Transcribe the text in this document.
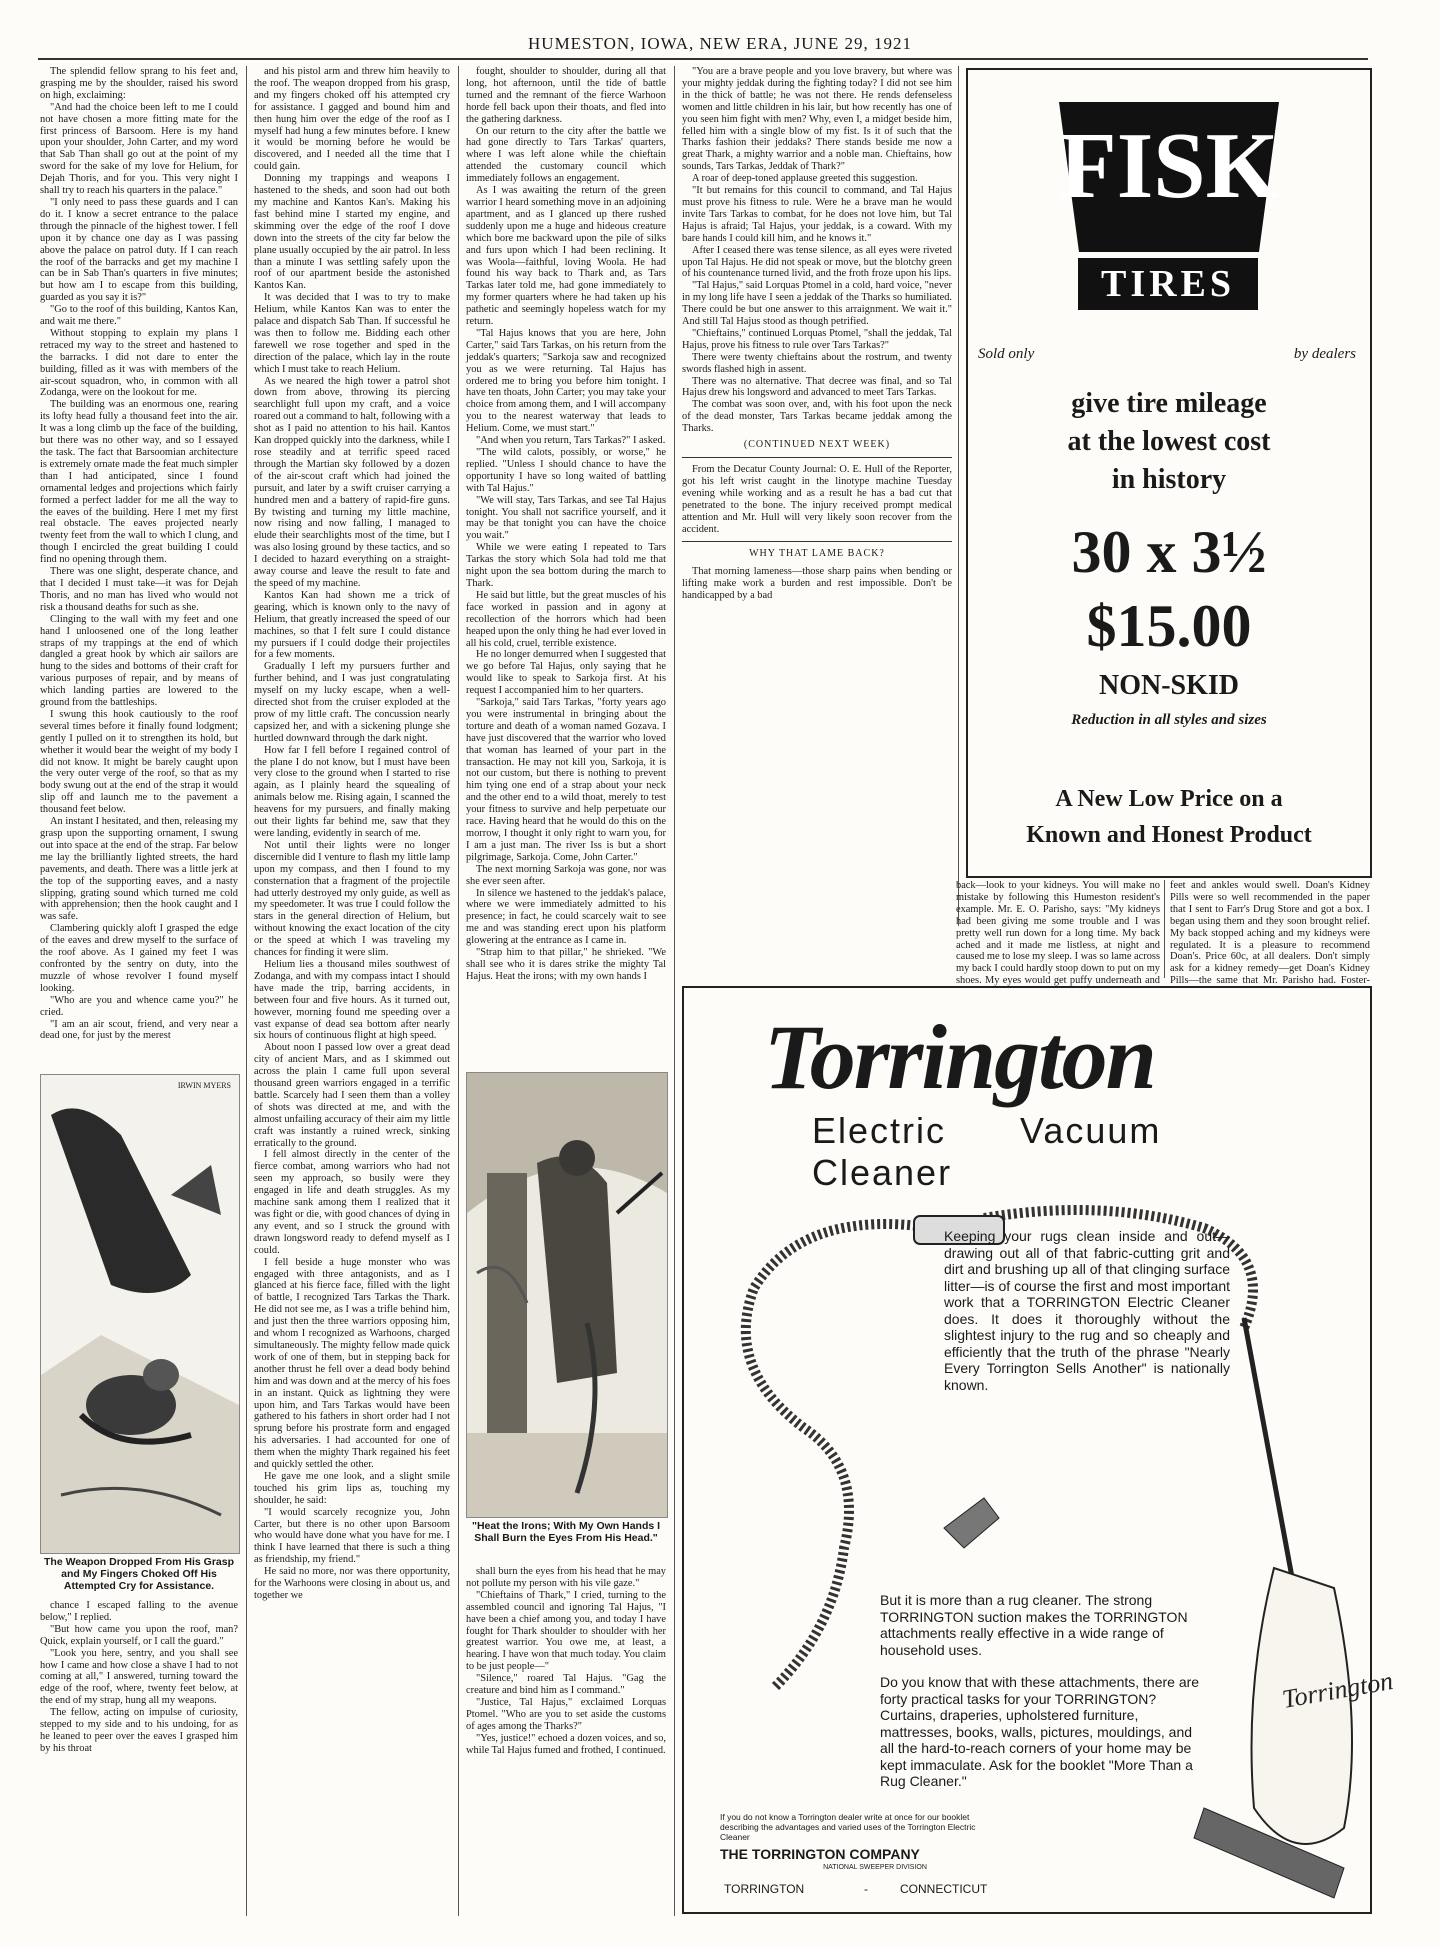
HUMESTON, IOWA, NEW ERA, JUNE 29, 1921

The splendid fellow sprang to his feet and, grasping me by the shoulder, raised his sword on high, exclaiming:

"And had the choice been left to me I could not have chosen a more fitting mate for the first princess of Barsoom. Here is my hand upon your shoulder, John Carter, and my word that Sab Than shall go out at the point of my sword for the sake of my love for Helium, for Dejah Thoris, and for you. This very night I shall try to reach his quarters in the palace."

"I only need to pass these guards and I can do it. I know a secret entrance to the palace through the pinnacle of the highest tower. I fell upon it by chance one day as I was passing above the palace on patrol duty. If I can reach the roof of the barracks and get my machine I can be in Sab Than's quarters in five minutes; but how am I to escape from this building, guarded as you say it is?"

"Go to the roof of this building, Kantos Kan, and wait me there."

Without stopping to explain my plans I retraced my way to the street and hastened to the barracks. I did not dare to enter the building, filled as it was with members of the air-scout squadron, who, in common with all Zodanga, were on the lookout for me.

The building was an enormous one, rearing its lofty head fully a thousand feet into the air. It was a long climb up the face of the building, but there was no other way, and so I essayed the task. The fact that Barsoomian architecture is extremely ornate made the feat much simpler than I had anticipated, since I found ornamental ledges and projections which fairly formed a perfect ladder for me all the way to the eaves of the building. Here I met my first real obstacle. The eaves projected nearly twenty feet from the wall to which I clung, and though I encircled the great building I could find no opening through them.

There was one slight, desperate chance, and that I decided I must take—it was for Dejah Thoris, and no man has lived who would not risk a thousand deaths for such as she.

Clinging to the wall with my feet and one hand I unloosened one of the long leather straps of my trappings at the end of which dangled a great hook by which air sailors are hung to the sides and bottoms of their craft for various purposes of repair, and by means of which landing parties are lowered to the ground from the battleships.

I swung this hook cautiously to the roof several times before it finally found lodgment; gently I pulled on it to strengthen its hold, but whether it would bear the weight of my body I did not know. It might be barely caught upon the very outer verge of the roof, so that as my body swung out at the end of the strap it would slip off and launch me to the pavement a thousand feet below.

An instant I hesitated, and then, releasing my grasp upon the supporting ornament, I swung out into space at the end of the strap. Far below me lay the brilliantly lighted streets, the hard pavements, and death. There was a little jerk at the top of the supporting eaves, and a nasty slipping, grating sound which turned me cold with apprehension; then the hook caught and I was safe.

Clambering quickly aloft I grasped the edge of the eaves and drew myself to the surface of the roof above. As I gained my feet I was confronted by the sentry on duty, into the muzzle of whose revolver I found myself looking.

"Who are you and whence came you?" he cried.

"I am an air scout, friend, and very near a dead one, for just by the merest

IRWIN MYERS
The Weapon Dropped From His Grasp and My Fingers Choked Off His Attempted Cry for Assistance.

chance I escaped falling to the avenue below," I replied.

"But how came you upon the roof, man? Quick, explain yourself, or I call the guard."

"Look you here, sentry, and you shall see how I came and how close a shave I had to not coming at all," I answered, turning toward the edge of the roof, where, twenty feet below, at the end of my strap, hung all my weapons.

The fellow, acting on impulse of curiosity, stepped to my side and to his undoing, for as he leaned to peer over the eaves I grasped him by his throat

and his pistol arm and threw him heavily to the roof. The weapon dropped from his grasp, and my fingers choked off his attempted cry for assistance. I gagged and bound him and then hung him over the edge of the roof as I myself had hung a few minutes before. I knew it would be morning before he would be discovered, and I needed all the time that I could gain.

Donning my trappings and weapons I hastened to the sheds, and soon had out both my machine and Kantos Kan's. Making his fast behind mine I started my engine, and skimming over the edge of the roof I dove down into the streets of the city far below the plane usually occupied by the air patrol. In less than a minute I was settling safely upon the roof of our apartment beside the astonished Kantos Kan.

It was decided that I was to try to make Helium, while Kantos Kan was to enter the palace and dispatch Sab Than. If successful he was then to follow me. Bidding each other farewell we rose together and sped in the direction of the palace, which lay in the route which I must take to reach Helium.

As we neared the high tower a patrol shot down from above, throwing its piercing searchlight full upon my craft, and a voice roared out a command to halt, following with a shot as I paid no attention to his hail. Kantos Kan dropped quickly into the darkness, while I rose steadily and at terrific speed raced through the Martian sky followed by a dozen of the air-scout craft which had joined the pursuit, and later by a swift cruiser carrying a hundred men and a battery of rapid-fire guns. By twisting and turning my little machine, now rising and now falling, I managed to elude their searchlights most of the time, but I was also losing ground by these tactics, and so I decided to hazard everything on a straight-away course and leave the result to fate and the speed of my machine.

Kantos Kan had shown me a trick of gearing, which is known only to the navy of Helium, that greatly increased the speed of our machines, so that I felt sure I could distance my pursuers if I could dodge their projectiles for a few moments.

Gradually I left my pursuers further and further behind, and I was just congratulating myself on my lucky escape, when a well-directed shot from the cruiser exploded at the prow of my little craft. The concussion nearly capsized her, and with a sickening plunge she hurtled downward through the dark night.

How far I fell before I regained control of the plane I do not know, but I must have been very close to the ground when I started to rise again, as I plainly heard the squealing of animals below me. Rising again, I scanned the heavens for my pursuers, and finally making out their lights far behind me, saw that they were landing, evidently in search of me.

Not until their lights were no longer discernible did I venture to flash my little lamp upon my compass, and then I found to my consternation that a fragment of the projectile had utterly destroyed my only guide, as well as my speedometer. It was true I could follow the stars in the general direction of Helium, but without knowing the exact location of the city or the speed at which I was traveling my chances for finding it were slim.

Helium lies a thousand miles southwest of Zodanga, and with my compass intact I should have made the trip, barring accidents, in between four and five hours. As it turned out, however, morning found me speeding over a vast expanse of dead sea bottom after nearly six hours of continuous flight at high speed.

About noon I passed low over a great dead city of ancient Mars, and as I skimmed out across the plain I came full upon several thousand green warriors engaged in a terrific battle. Scarcely had I seen them than a volley of shots was directed at me, and with the almost unfailing accuracy of their aim my little craft was instantly a ruined wreck, sinking erratically to the ground.

I fell almost directly in the center of the fierce combat, among warriors who had not seen my approach, so busily were they engaged in life and death struggles. As my machine sank among them I realized that it was fight or die, with good chances of dying in any event, and so I struck the ground with drawn longsword ready to defend myself as I could.

I fell beside a huge monster who was engaged with three antagonists, and as I glanced at his fierce face, filled with the light of battle, I recognized Tars Tarkas the Thark. He did not see me, as I was a trifle behind him, and just then the three warriors opposing him, and whom I recognized as Warhoons, charged simultaneously. The mighty fellow made quick work of one of them, but in stepping back for another thrust he fell over a dead body behind him and was down and at the mercy of his foes in an instant. Quick as lightning they were upon him, and Tars Tarkas would have been gathered to his fathers in short order had I not sprung before his prostrate form and engaged his adversaries. I had accounted for one of them when the mighty Thark regained his feet and quickly settled the other.

He gave me one look, and a slight smile touched his grim lips as, touching my shoulder, he said:

"I would scarcely recognize you, John Carter, but there is no other upon Barsoom who would have done what you have for me. I think I have learned that there is such a thing as friendship, my friend."

He said no more, nor was there opportunity, for the Warhoons were closing in about us, and together we

fought, shoulder to shoulder, during all that long, hot afternoon, until the tide of battle turned and the remnant of the fierce Warhoon horde fell back upon their thoats, and fled into the gathering darkness.

On our return to the city after the battle we had gone directly to Tars Tarkas' quarters, where I was left alone while the chieftain attended the customary council which immediately follows an engagement.

As I was awaiting the return of the green warrior I heard something move in an adjoining apartment, and as I glanced up there rushed suddenly upon me a huge and hideous creature which bore me backward upon the pile of silks and furs upon which I had been reclining. It was Woola—faithful, loving Woola. He had found his way back to Thark and, as Tars Tarkas later told me, had gone immediately to my former quarters where he had taken up his pathetic and seemingly hopeless watch for my return.

"Tal Hajus knows that you are here, John Carter," said Tars Tarkas, on his return from the jeddak's quarters; "Sarkoja saw and recognized you as we were returning. Tal Hajus has ordered me to bring you before him tonight. I have ten thoats, John Carter; you may take your choice from among them, and I will accompany you to the nearest waterway that leads to Helium. Come, we must start."

"And when you return, Tars Tarkas?" I asked.

"The wild calots, possibly, or worse," he replied. "Unless I should chance to have the opportunity I have so long waited of battling with Tal Hajus."

"We will stay, Tars Tarkas, and see Tal Hajus tonight. You shall not sacrifice yourself, and it may be that tonight you can have the choice you wait."

While we were eating I repeated to Tars Tarkas the story which Sola had told me that night upon the sea bottom during the march to Thark.

He said but little, but the great muscles of his face worked in passion and in agony at recollection of the horrors which had been heaped upon the only thing he had ever loved in all his cold, cruel, terrible existence.

He no longer demurred when I suggested that we go before Tal Hajus, only saying that he would like to speak to Sarkoja first. At his request I accompanied him to her quarters.

"Sarkoja," said Tars Tarkas, "forty years ago you were instrumental in bringing about the torture and death of a woman named Gozava. I have just discovered that the warrior who loved that woman has learned of your part in the transaction. He may not kill you, Sarkoja, it is not our custom, but there is nothing to prevent him tying one end of a strap about your neck and the other end to a wild thoat, merely to test your fitness to survive and help perpetuate our race. Having heard that he would do this on the morrow, I thought it only right to warn you, for I am a just man. The river Iss is but a short pilgrimage, Sarkoja. Come, John Carter."

The next morning Sarkoja was gone, nor was she ever seen after.

In silence we hastened to the jeddak's palace, where we were immediately admitted to his presence; in fact, he could scarcely wait to see me and was standing erect upon his platform glowering at the entrance as I came in.

"Strap him to that pillar," he shrieked. "We shall see who it is dares strike the mighty Tal Hajus. Heat the irons; with my own hands I

"Heat the Irons; With My Own Hands I Shall Burn the Eyes From His Head."

shall burn the eyes from his head that he may not pollute my person with his vile gaze."

"Chieftains of Thark," I cried, turning to the assembled council and ignoring Tal Hajus, "I have been a chief among you, and today I have fought for Thark shoulder to shoulder with her greatest warrior. You owe me, at least, a hearing. I have won that much today. You claim to be just people—"

"Silence," roared Tal Hajus. "Gag the creature and bind him as I command."

"Justice, Tal Hajus," exclaimed Lorquas Ptomel. "Who are you to set aside the customs of ages among the Tharks?"

"Yes, justice!" echoed a dozen voices, and so, while Tal Hajus fumed and frothed, I continued.

"You are a brave people and you love bravery, but where was your mighty jeddak during the fighting today? I did not see him in the thick of battle; he was not there. He rends defenseless women and little children in his lair, but how recently has one of you seen him fight with men? Why, even I, a midget beside him, felled him with a single blow of my fist. Is it of such that the Tharks fashion their jeddaks? There stands beside me now a great Thark, a mighty warrior and a noble man. Chieftains, how sounds, Tars Tarkas, Jeddak of Thark?"

A roar of deep-toned applause greeted this suggestion.

"It but remains for this council to command, and Tal Hajus must prove his fitness to rule. Were he a brave man he would invite Tars Tarkas to combat, for he does not love him, but Tal Hajus is afraid; Tal Hajus, your jeddak, is a coward. With my bare hands I could kill him, and he knows it."

After I ceased there was tense silence, as all eyes were riveted upon Tal Hajus. He did not speak or move, but the blotchy green of his countenance turned livid, and the froth froze upon his lips.

"Tal Hajus," said Lorquas Ptomel in a cold, hard voice, "never in my long life have I seen a jeddak of the Tharks so humiliated. There could be but one answer to this arraignment. We wait it." And still Tal Hajus stood as though petrified.

"Chieftains," continued Lorquas Ptomel, "shall the jeddak, Tal Hajus, prove his fitness to rule over Tars Tarkas?"

There were twenty chieftains about the rostrum, and twenty swords flashed high in assent.

There was no alternative. That decree was final, and so Tal Hajus drew his longsword and advanced to meet Tars Tarkas.

The combat was soon over, and, with his foot upon the neck of the dead monster, Tars Tarkas became jeddak among the Tharks.

(CONTINUED NEXT WEEK)

From the Decatur County Journal: O. E. Hull of the Reporter, got his left wrist caught in the linotype machine Tuesday evening while working and as a result he has a bad cut that penetrated to the bone. The injury received prompt medical attention and Mr. Hull will very likely soon recover from the accident.

WHY THAT LAME BACK?

That morning lameness—those sharp pains when bending or lifting make work a burden and rest impossible. Don't be handicapped by a bad

FISK
TIRES
Sold only	by dealers
give tire mileage
at the lowest cost
in history
30 x 3½
$15.00
NON-SKID
Reduction in all styles and sizes
A New Low Price on a
Known and Honest Product

back—look to your kidneys. You will make no mistake by following this Humeston resident's example. Mr. E. O. Parisho, says: "My kidneys had been giving me some trouble and I was pretty well run down for a long time. My back ached and it made me listless, at night and caused me to lose my sleep. I was so lame across my back I could hardly stoop down to put on my shoes. My eyes would get puffy underneath and

feet and ankles would swell. Doan's Kidney Pills were so well recommended in the paper that I sent to Farr's Drug Store and got a box. I began using them and they soon brought relief. My back stopped aching and my kidneys were regulated. It is a pleasure to recommend Doan's. Price 60c, at all dealers. Don't simply ask for a kidney remedy—get Doan's Kidney Pills—the same that Mr. Parisho had. Foster-

Torrington
Electric Vacuum
Cleaner
Torrington
Keeping your rugs clean inside and out—drawing out all of that fabric-cutting grit and dirt and brushing up all of that clinging surface litter—is of course the first and most important work that a TORRINGTON Electric Cleaner does. It does it thoroughly without the slightest injury to the rug and so cheaply and efficiently that the truth of the phrase "Nearly Every Torrington Sells Another" is nationally known.
But it is more than a rug cleaner. The strong TORRINGTON suction makes the TORRINGTON attachments really effective in a wide range of household uses.
Do you know that with these attachments, there are forty practical tasks for your TORRINGTON? Curtains, draperies, upholstered furniture, mattresses, books, walls, pictures, mouldings, and all the hard-to-reach corners of your home may be kept immaculate. Ask for the booklet "More Than a Rug Cleaner."
If you do not know a Torrington dealer write at once for our booklet describing the advantages and varied uses of the Torrington Electric Cleaner
THE TORRINGTON COMPANY
NATIONAL SWEEPER DIVISION
TORRINGTON	-	CONNECTICUT
